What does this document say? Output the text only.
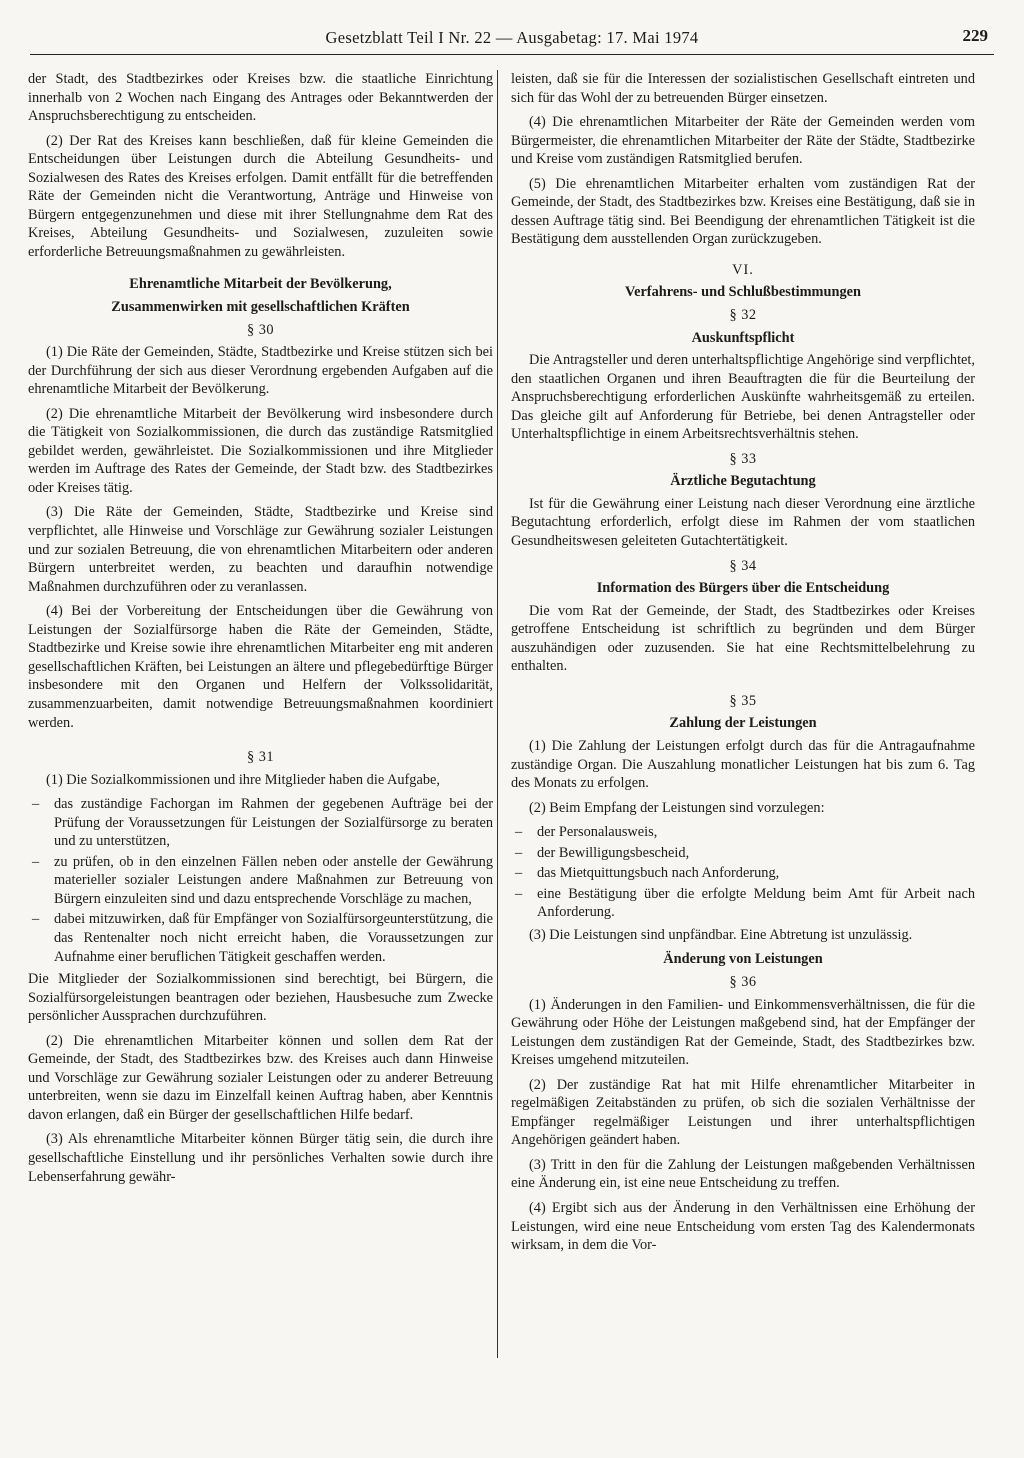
Gesetzblatt Teil I Nr. 22 — Ausgabetag: 17. Mai 1974	229

der Stadt, des Stadtbezirkes oder Kreises bzw. die staatliche Einrichtung innerhalb von 2 Wochen nach Eingang des Antrages oder Bekanntwerden der Anspruchsberechtigung zu entscheiden.

(2) Der Rat des Kreises kann beschließen, daß für kleine Gemeinden die Entscheidungen über Leistungen durch die Abteilung Gesundheits- und Sozialwesen des Rates des Kreises erfolgen. Damit entfällt für die betreffenden Räte der Gemeinden nicht die Verantwortung, Anträge und Hinweise von Bürgern entgegenzunehmen und diese mit ihrer Stellungnahme dem Rat des Kreises, Abteilung Gesundheits- und Sozialwesen, zuzuleiten sowie erforderliche Betreuungsmaßnahmen zu gewährleisten.

Ehrenamtliche Mitarbeit der Bevölkerung,
Zusammenwirken mit gesellschaftlichen Kräften
§ 30

(1) Die Räte der Gemeinden, Städte, Stadtbezirke und Kreise stützen sich bei der Durchführung der sich aus dieser Verordnung ergebenden Aufgaben auf die ehrenamtliche Mitarbeit der Bevölkerung.

(2) Die ehrenamtliche Mitarbeit der Bevölkerung wird insbesondere durch die Tätigkeit von Sozialkommissionen, die durch das zuständige Ratsmitglied gebildet werden, gewährleistet. Die Sozialkommissionen und ihre Mitglieder werden im Auftrage des Rates der Gemeinde, der Stadt bzw. des Stadtbezirkes oder Kreises tätig.

(3) Die Räte der Gemeinden, Städte, Stadtbezirke und Kreise sind verpflichtet, alle Hinweise und Vorschläge zur Gewährung sozialer Leistungen und zur sozialen Betreuung, die von ehrenamtlichen Mitarbeitern oder anderen Bürgern unterbreitet werden, zu beachten und daraufhin notwendige Maßnahmen durchzuführen oder zu veranlassen.

(4) Bei der Vorbereitung der Entscheidungen über die Gewährung von Leistungen der Sozialfürsorge haben die Räte der Gemeinden, Städte, Stadtbezirke und Kreise sowie ihre ehrenamtlichen Mitarbeiter eng mit anderen gesellschaftlichen Kräften, bei Leistungen an ältere und pflegebedürftige Bürger insbesondere mit den Organen und Helfern der Volkssolidarität, zusammenzuarbeiten, damit notwendige Betreuungsmaßnahmen koordiniert werden.

§ 31

(1) Die Sozialkommissionen und ihre Mitglieder haben die Aufgabe,

– das zuständige Fachorgan im Rahmen der gegebenen Aufträge bei der Prüfung der Voraussetzungen für Leistungen der Sozialfürsorge zu beraten und zu unterstützen,
– zu prüfen, ob in den einzelnen Fällen neben oder anstelle der Gewährung materieller sozialer Leistungen andere Maßnahmen zur Betreuung von Bürgern einzuleiten sind und dazu entsprechende Vorschläge zu machen,
– dabei mitzuwirken, daß für Empfänger von Sozialfürsorgeunterstützung, die das Rentenalter noch nicht erreicht haben, die Voraussetzungen zur Aufnahme einer beruflichen Tätigkeit geschaffen werden.

Die Mitglieder der Sozialkommissionen sind berechtigt, bei Bürgern, die Sozialfürsorgeleistungen beantragen oder beziehen, Hausbesuche zum Zwecke persönlicher Aussprachen durchzuführen.

(2) Die ehrenamtlichen Mitarbeiter können und sollen dem Rat der Gemeinde, der Stadt, des Stadtbezirkes bzw. des Kreises auch dann Hinweise und Vorschläge zur Gewährung sozialer Leistungen oder zu anderer Betreuung unterbreiten, wenn sie dazu im Einzelfall keinen Auftrag haben, aber Kenntnis davon erlangen, daß ein Bürger der gesellschaftlichen Hilfe bedarf.

(3) Als ehrenamtliche Mitarbeiter können Bürger tätig sein, die durch ihre gesellschaftliche Einstellung und ihr persönliches Verhalten sowie durch ihre Lebenserfahrung gewähr-

leisten, daß sie für die Interessen der sozialistischen Gesellschaft eintreten und sich für das Wohl der zu betreuenden Bürger einsetzen.

(4) Die ehrenamtlichen Mitarbeiter der Räte der Gemeinden werden vom Bürgermeister, die ehrenamtlichen Mitarbeiter der Räte der Städte, Stadtbezirke und Kreise vom zuständigen Ratsmitglied berufen.

(5) Die ehrenamtlichen Mitarbeiter erhalten vom zuständigen Rat der Gemeinde, der Stadt, des Stadtbezirkes bzw. Kreises eine Bestätigung, daß sie in dessen Auftrage tätig sind. Bei Beendigung der ehrenamtlichen Tätigkeit ist die Bestätigung dem ausstellenden Organ zurückzugeben.

VI.
Verfahrens- und Schlußbestimmungen
§ 32
Auskunftspflicht

Die Antragsteller und deren unterhaltspflichtige Angehörige sind verpflichtet, den staatlichen Organen und ihren Beauftragten die für die Beurteilung der Anspruchsberechtigung erforderlichen Auskünfte wahrheitsgemäß zu erteilen. Das gleiche gilt auf Anforderung für Betriebe, bei denen Antragsteller oder Unterhaltspflichtige in einem Arbeitsrechtsverhältnis stehen.

§ 33
Ärztliche Begutachtung

Ist für die Gewährung einer Leistung nach dieser Verordnung eine ärztliche Begutachtung erforderlich, erfolgt diese im Rahmen der vom staatlichen Gesundheitswesen geleiteten Gutachtertätigkeit.

§ 34
Information des Bürgers über die Entscheidung

Die vom Rat der Gemeinde, der Stadt, des Stadtbezirkes oder Kreises getroffene Entscheidung ist schriftlich zu begründen und dem Bürger auszuhändigen oder zuzusenden. Sie hat eine Rechtsmittelbelehrung zu enthalten.

§ 35
Zahlung der Leistungen

(1) Die Zahlung der Leistungen erfolgt durch das für die Antragaufnahme zuständige Organ. Die Auszahlung monatlicher Leistungen hat bis zum 6. Tag des Monats zu erfolgen.

(2) Beim Empfang der Leistungen sind vorzulegen:

– der Personalausweis,
– der Bewilligungsbescheid,
– das Mietquittungsbuch nach Anforderung,
– eine Bestätigung über die erfolgte Meldung beim Amt für Arbeit nach Anforderung.

(3) Die Leistungen sind unpfändbar. Eine Abtretung ist unzulässig.

Änderung von Leistungen
§ 36

(1) Änderungen in den Familien- und Einkommensverhältnissen, die für die Gewährung oder Höhe der Leistungen maßgebend sind, hat der Empfänger der Leistungen dem zuständigen Rat der Gemeinde, Stadt, des Stadtbezirkes bzw. Kreises umgehend mitzuteilen.

(2) Der zuständige Rat hat mit Hilfe ehrenamtlicher Mitarbeiter in regelmäßigen Zeitabständen zu prüfen, ob sich die sozialen Verhältnisse der Empfänger regelmäßiger Leistungen und ihrer unterhaltspflichtigen Angehörigen geändert haben.

(3) Tritt in den für die Zahlung der Leistungen maßgebenden Verhältnissen eine Änderung ein, ist eine neue Entscheidung zu treffen.

(4) Ergibt sich aus der Änderung in den Verhältnissen eine Erhöhung der Leistungen, wird eine neue Entscheidung vom ersten Tag des Kalendermonats wirksam, in dem die Vor-
